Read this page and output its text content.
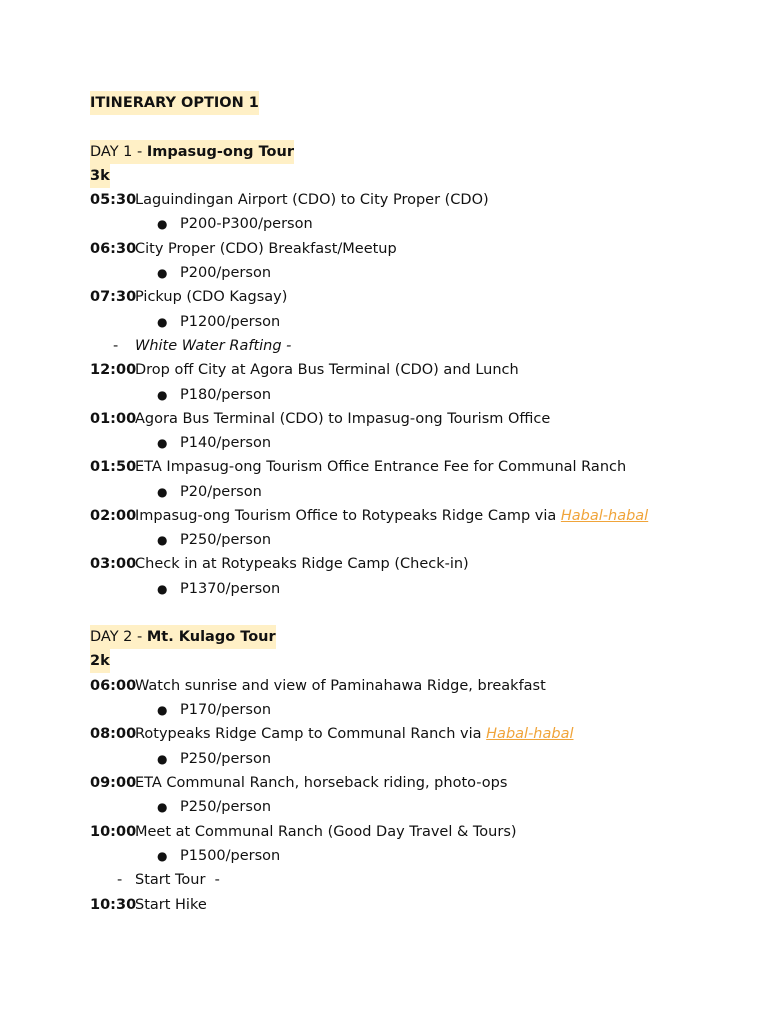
ITINERARY OPTION 1
DAY 1 - Impasug-ong Tour
3k
05:30
Laguindingan Airport (CDO) to City Proper (CDO)
● P200-P300/person
06:30
City Proper (CDO) Breakfast/Meetup
● P200/person
07:30
Pickup (CDO Kagsay)
● P1200/person
- White Water Rafting -
12:00
Drop off City at Agora Bus Terminal (CDO) and Lunch
● P180/person
01:00
Agora Bus Terminal (CDO) to Impasug-ong Tourism Office
● P140/person
01:50
ETA Impasug-ong Tourism Office Entrance Fee for Communal Ranch
● P20/person
02:00
Impasug-ong Tourism Office to Rotypeaks Ridge Camp via Habal-habal
● P250/person
03:00
Check in at Rotypeaks Ridge Camp (Check-in)
● P1370/person
DAY 2 - Mt. Kulago Tour
2k
06:00
Watch sunrise and view of Paminahawa Ridge, breakfast
● P170/person
08:00
Rotypeaks Ridge Camp to Communal Ranch via Habal-habal
● P250/person
09:00
ETA Communal Ranch, horseback riding, photo-ops
● P250/person
10:00
Meet at Communal Ranch (Good Day Travel & Tours)
● P1500/person
- Start Tour  -
10:30
Start Hike
